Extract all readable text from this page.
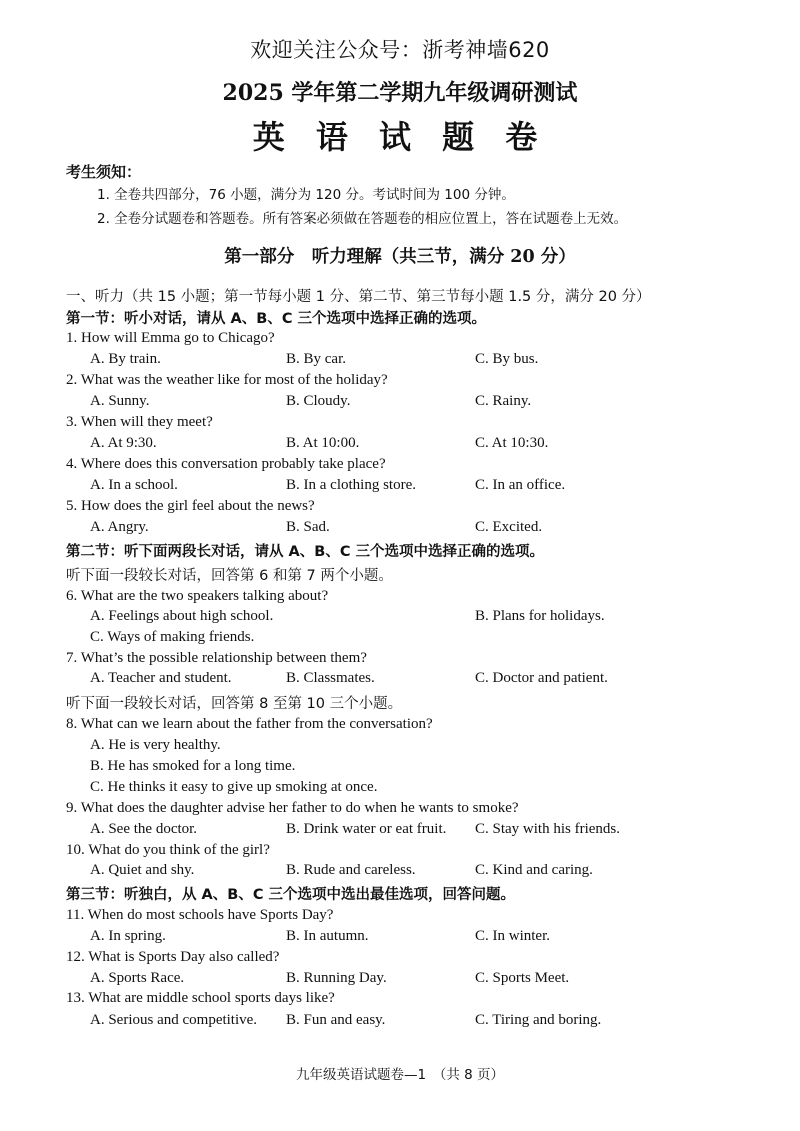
欢迎关注公众号：浙考神墙620
2025 学年第二学期九年级调研测试
英 语 试 题 卷
考生须知：
1. 全卷共四部分，76 小题，满分为 120 分。考试时间为 100 分钟。
2. 全卷分试题卷和答题卷。所有答案必须做在答题卷的相应位置上，答在试题卷上无效。
第一部分　听力理解（共三节，满分 20 分）
一、听力（共 15 小题；第一节每小题 1 分、第二节、第三节每小题 1.5 分，满分 20 分）
第一节：听小对话，请从 A、B、C 三个选项中选择正确的选项。
1. How will Emma go to Chicago?
A. By train.	B. By car.	C. By bus.
2. What was the weather like for most of the holiday?
A. Sunny.	B. Cloudy.	C. Rainy.
3. When will they meet?
A. At 9:30.	B. At 10:00.	C. At 10:30.
4. Where does this conversation probably take place?
A. In a school.	B. In a clothing store.	C. In an office.
5. How does the girl feel about the news?
A. Angry.	B. Sad.	C. Excited.
第二节：听下面两段长对话，请从 A、B、C 三个选项中选择正确的选项。
听下面一段较长对话，回答第 6 和第 7 两个小题。
6. What are the two speakers talking about?
A. Feelings about high school.	B. Plans for holidays.
C. Ways of making friends.
7. What’s the possible relationship between them?
A. Teacher and student.	B. Classmates.	C. Doctor and patient.
听下面一段较长对话，回答第 8 至第 10 三个小题。
8. What can we learn about the father from the conversation?
A. He is very healthy.
B. He has smoked for a long time.
C. He thinks it easy to give up smoking at once.
9. What does the daughter advise her father to do when he wants to smoke?
A. See the doctor.	B. Drink water or eat fruit. C. Stay with his friends.
10. What do you think of the girl?
A. Quiet and shy.	B. Rude and careless.	C. Kind and caring.
第三节：听独白，从 A、B、C 三个选项中选出最佳选项，回答问题。
11. When do most schools have Sports Day?
A. In spring.	B. In autumn.	C. In winter.
12. What is Sports Day also called?
A. Sports Race.	B. Running Day.	C. Sports Meet.
13. What are middle school sports days like?
A. Serious and competitive. B. Fun and easy.	C. Tiring and boring.
九年级英语试题卷—1　（共 8 页）
